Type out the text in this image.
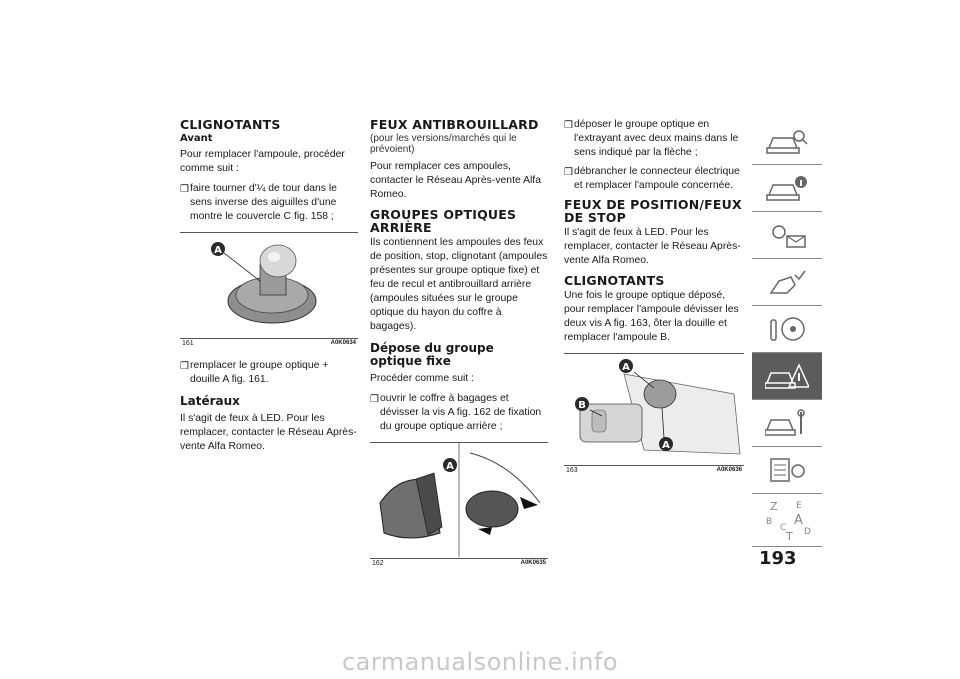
CLIGNOTANTS
Avant

Pour remplacer l'ampoule, procéder comme suit :

❒ faire tourner d'¼ de tour dans le sens inverse des aiguilles d'une montre le couvercle C fig. 158 ;
A
161	A0K0634
❒ remplacer le groupe optique + douille A fig. 161.
Latéraux

Il s'agit de feux à LED. Pour les remplacer, contacter le Réseau Après-vente Alfa Romeo.

FEUX ANTIBROUILLARD

(pour les versions/marchés qui le prévoient)

Pour remplacer ces ampoules, contacter le Réseau Après-vente Alfa Romeo.

GROUPES OPTIQUES ARRIÈRE

Ils contiennent les ampoules des feux de position, stop, clignotant (ampoules présentes sur groupe optique fixe) et feu de recul et antibrouillard arrière (ampoules situées sur le groupe optique du hayon du coffre à bagages).

Dépose du groupe optique fixe

Procéder comme suit :

❒ ouvrir le coffre à bagages et dévisser la vis A fig. 162 de fixation du groupe optique arrière ;
A
162	A0K0635
❒ déposer le groupe optique en l'extrayant avec deux mains dans le sens indiqué par la flèche ;
❒ débrancher le connecteur électrique et remplacer l'ampoule concernée.
FEUX DE POSITION/FEUX DE STOP

Il s'agit de feux à LED. Pour les remplacer, contacter le Réseau Après-vente Alfa Romeo.

CLIGNOTANTS

Une fois le groupe optique déposé, pour remplacer l'ampoule dévisser les deux vis A fig. 163, ôter la douille et remplacer l'ampoule B.

A
B
A
163	A0K0636
Z E
B A
C
T D
193
carmanualsonline.info
